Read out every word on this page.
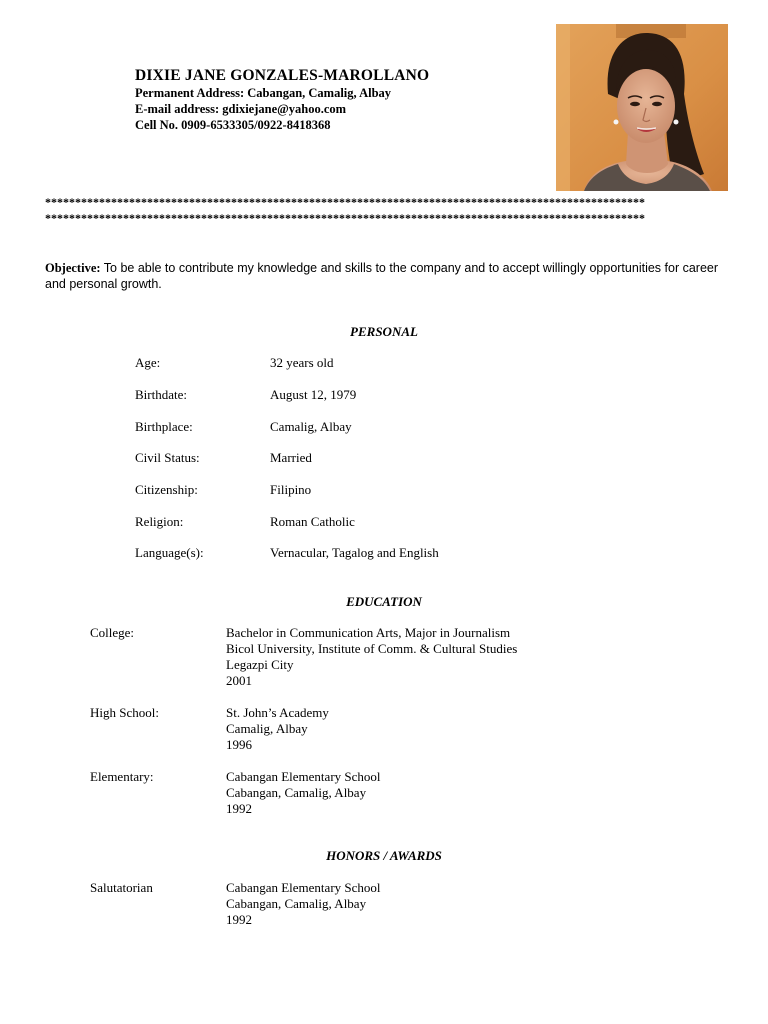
DIXIE JANE GONZALES-MAROLLANO
Permanent Address: Cabangan, Camalig, Albay
E-mail address: gdixiejane@yahoo.com
Cell No. 0909-6533305/0922-8418368
****************************************************************************************************
****************************************************************************************************
Objective: To be able to contribute my knowledge and skills to the company and to accept willingly opportunities for career and personal growth.
PERSONAL
Age:	32 years old
Birthdate:	August 12, 1979
Birthplace:	Camalig, Albay
Civil Status:	Married
Citizenship:	Filipino
Religion:	Roman Catholic
Language(s):	Vernacular, Tagalog and English
EDUCATION
College:	Bachelor in Communication Arts, Major in Journalism
Bicol University, Institute of Comm. & Cultural Studies
Legazpi City
2001
High School:	St. John’s Academy
Camalig, Albay
1996
Elementary:	Cabangan Elementary School
Cabangan, Camalig, Albay
1992
HONORS / AWARDS
Salutatorian	Cabangan Elementary School
Cabangan, Camalig, Albay
1992
